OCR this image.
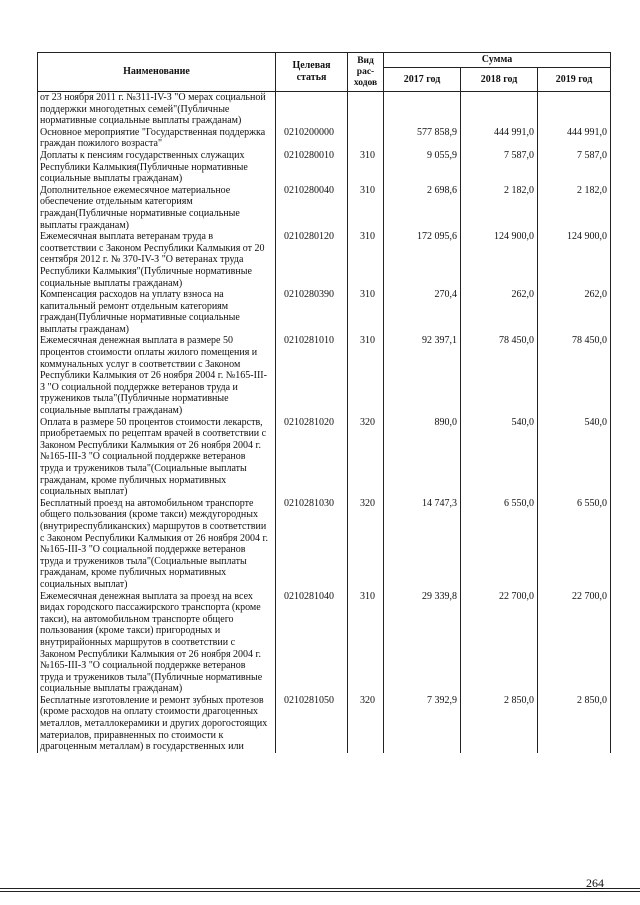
Наименование	Целевая статья	Вид рас-ходов	Сумма		
			2017 год	2018 год	2019 год
от 23 ноября 2011 г. №311-IV-З "О мерах социальной поддержки многодетных семей"(Публичные нормативные социальные выплаты гражданам)					
Основное мероприятие "Государственная поддержка граждан пожилого возраста"	0210200000		577 858,9	444 991,0	444 991,0
Доплаты к пенсиям государственных служащих Республики Калмыкия(Публичные нормативные социальные выплаты гражданам)	0210280010	310	9 055,9	7 587,0	7 587,0
Дополнительное ежемесячное материальное обеспечение отдельным категориям граждан(Публичные нормативные социальные выплаты гражданам)	0210280040	310	2 698,6	2 182,0	2 182,0
Ежемесячная выплата ветеранам труда в соответствии с Законом Республики Калмыкия от 20 сентября 2012 г. № 370-IV-З "О ветеранах труда Республики Калмыкия"(Публичные нормативные социальные выплаты гражданам)	0210280120	310	172 095,6	124 900,0	124 900,0
Компенсация расходов на уплату взноса на капитальный ремонт отдельным категориям граждан(Публичные нормативные социальные выплаты гражданам)	0210280390	310	270,4	262,0	262,0
Ежемесячная денежная выплата в размере 50 процентов стоимости оплаты жилого помещения и коммунальных услуг в соответствии с Законом Республики Калмыкия от 26 ноября 2004 г. №165-III-З "О социальной поддержке ветеранов труда и тружеников тыла"(Публичные нормативные социальные выплаты гражданам)	0210281010	310	92 397,1	78 450,0	78 450,0
Оплата в размере 50 процентов стоимости лекарств, приобретаемых по рецептам врачей в соответствии с Законом Республики Калмыкия от 26 ноября 2004 г. №165-III-З "О социальной поддержке ветеранов труда и тружеников тыла"(Социальные выплаты гражданам, кроме публичных нормативных социальных выплат)	0210281020	320	890,0	540,0	540,0
Бесплатный проезд на автомобильном транспорте общего пользования (кроме такси) междугородных (внутриреспубликанских) маршрутов в соответствии с Законом Республики Калмыкия от 26 ноября 2004 г. №165-III-З "О социальной поддержке ветеранов труда и тружеников тыла"(Социальные выплаты гражданам, кроме публичных нормативных социальных выплат)	0210281030	320	14 747,3	6 550,0	6 550,0
Ежемесячная денежная выплата за проезд на всех видах городского пассажирского транспорта (кроме такси), на автомобильном транспорте общего пользования (кроме такси) пригородных и внутрирайонных маршрутов в соответствии с Законом Республики Калмыкия от 26 ноября 2004 г. №165-III-З "О социальной поддержке ветеранов труда и тружеников тыла"(Публичные нормативные социальные выплаты гражданам)	0210281040	310	29 339,8	22 700,0	22 700,0
Бесплатные изготовление и ремонт зубных протезов (кроме расходов на оплату стоимости драгоценных металлов, металлокерамики и других дорогостоящих материалов, приравненных по стоимости к драгоценным металлам) в государственных или	0210281050	320	7 392,9	2 850,0	2 850,0
264
